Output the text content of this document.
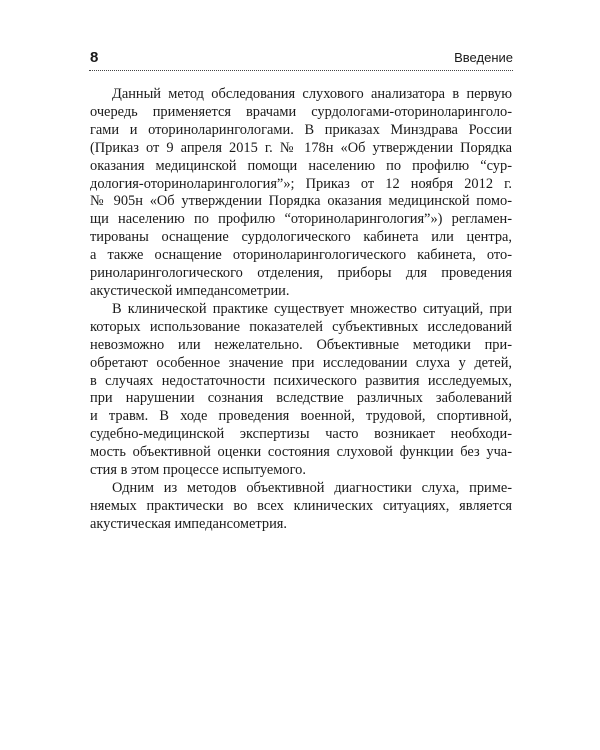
8	Введение
Данный метод обследования слухового анализатора в первую
очередь применяется врачами сурдологами-оториноларинголо-
гами и оториноларингологами. В приказах Минздрава России
(Приказ от 9 апреля 2015 г. № 178н «Об утверждении Порядка
оказания медицинской помощи населению по профилю “сур-
дология-оториноларингология”»; Приказ от 12 ноября 2012 г.
№ 905н «Об утверждении Порядка оказания медицинской помо-
щи населению по профилю “оториноларингология”») регламен-
тированы оснащение сурдологического кабинета или центра,
а также оснащение оториноларингологического кабинета, ото-
риноларингологического отделения, приборы для проведения
акустической импедансометрии.
В клинической практике существует множество ситуаций, при
которых использование показателей субъективных исследований
невозможно или нежелательно. Объективные методики при-
обретают особенное значение при исследовании слуха у детей,
в случаях недостаточности психического развития исследуемых,
при нарушении сознания вследствие различных заболеваний
и травм. В ходе проведения военной, трудовой, спортивной,
судебно-медицинской экспертизы часто возникает необходи-
мость объективной оценки состояния слуховой функции без уча-
стия в этом процессе испытуемого.
Одним из методов объективной диагностики слуха, приме-
няемых практически во всех клинических ситуациях, является
акустическая импедансометрия.
